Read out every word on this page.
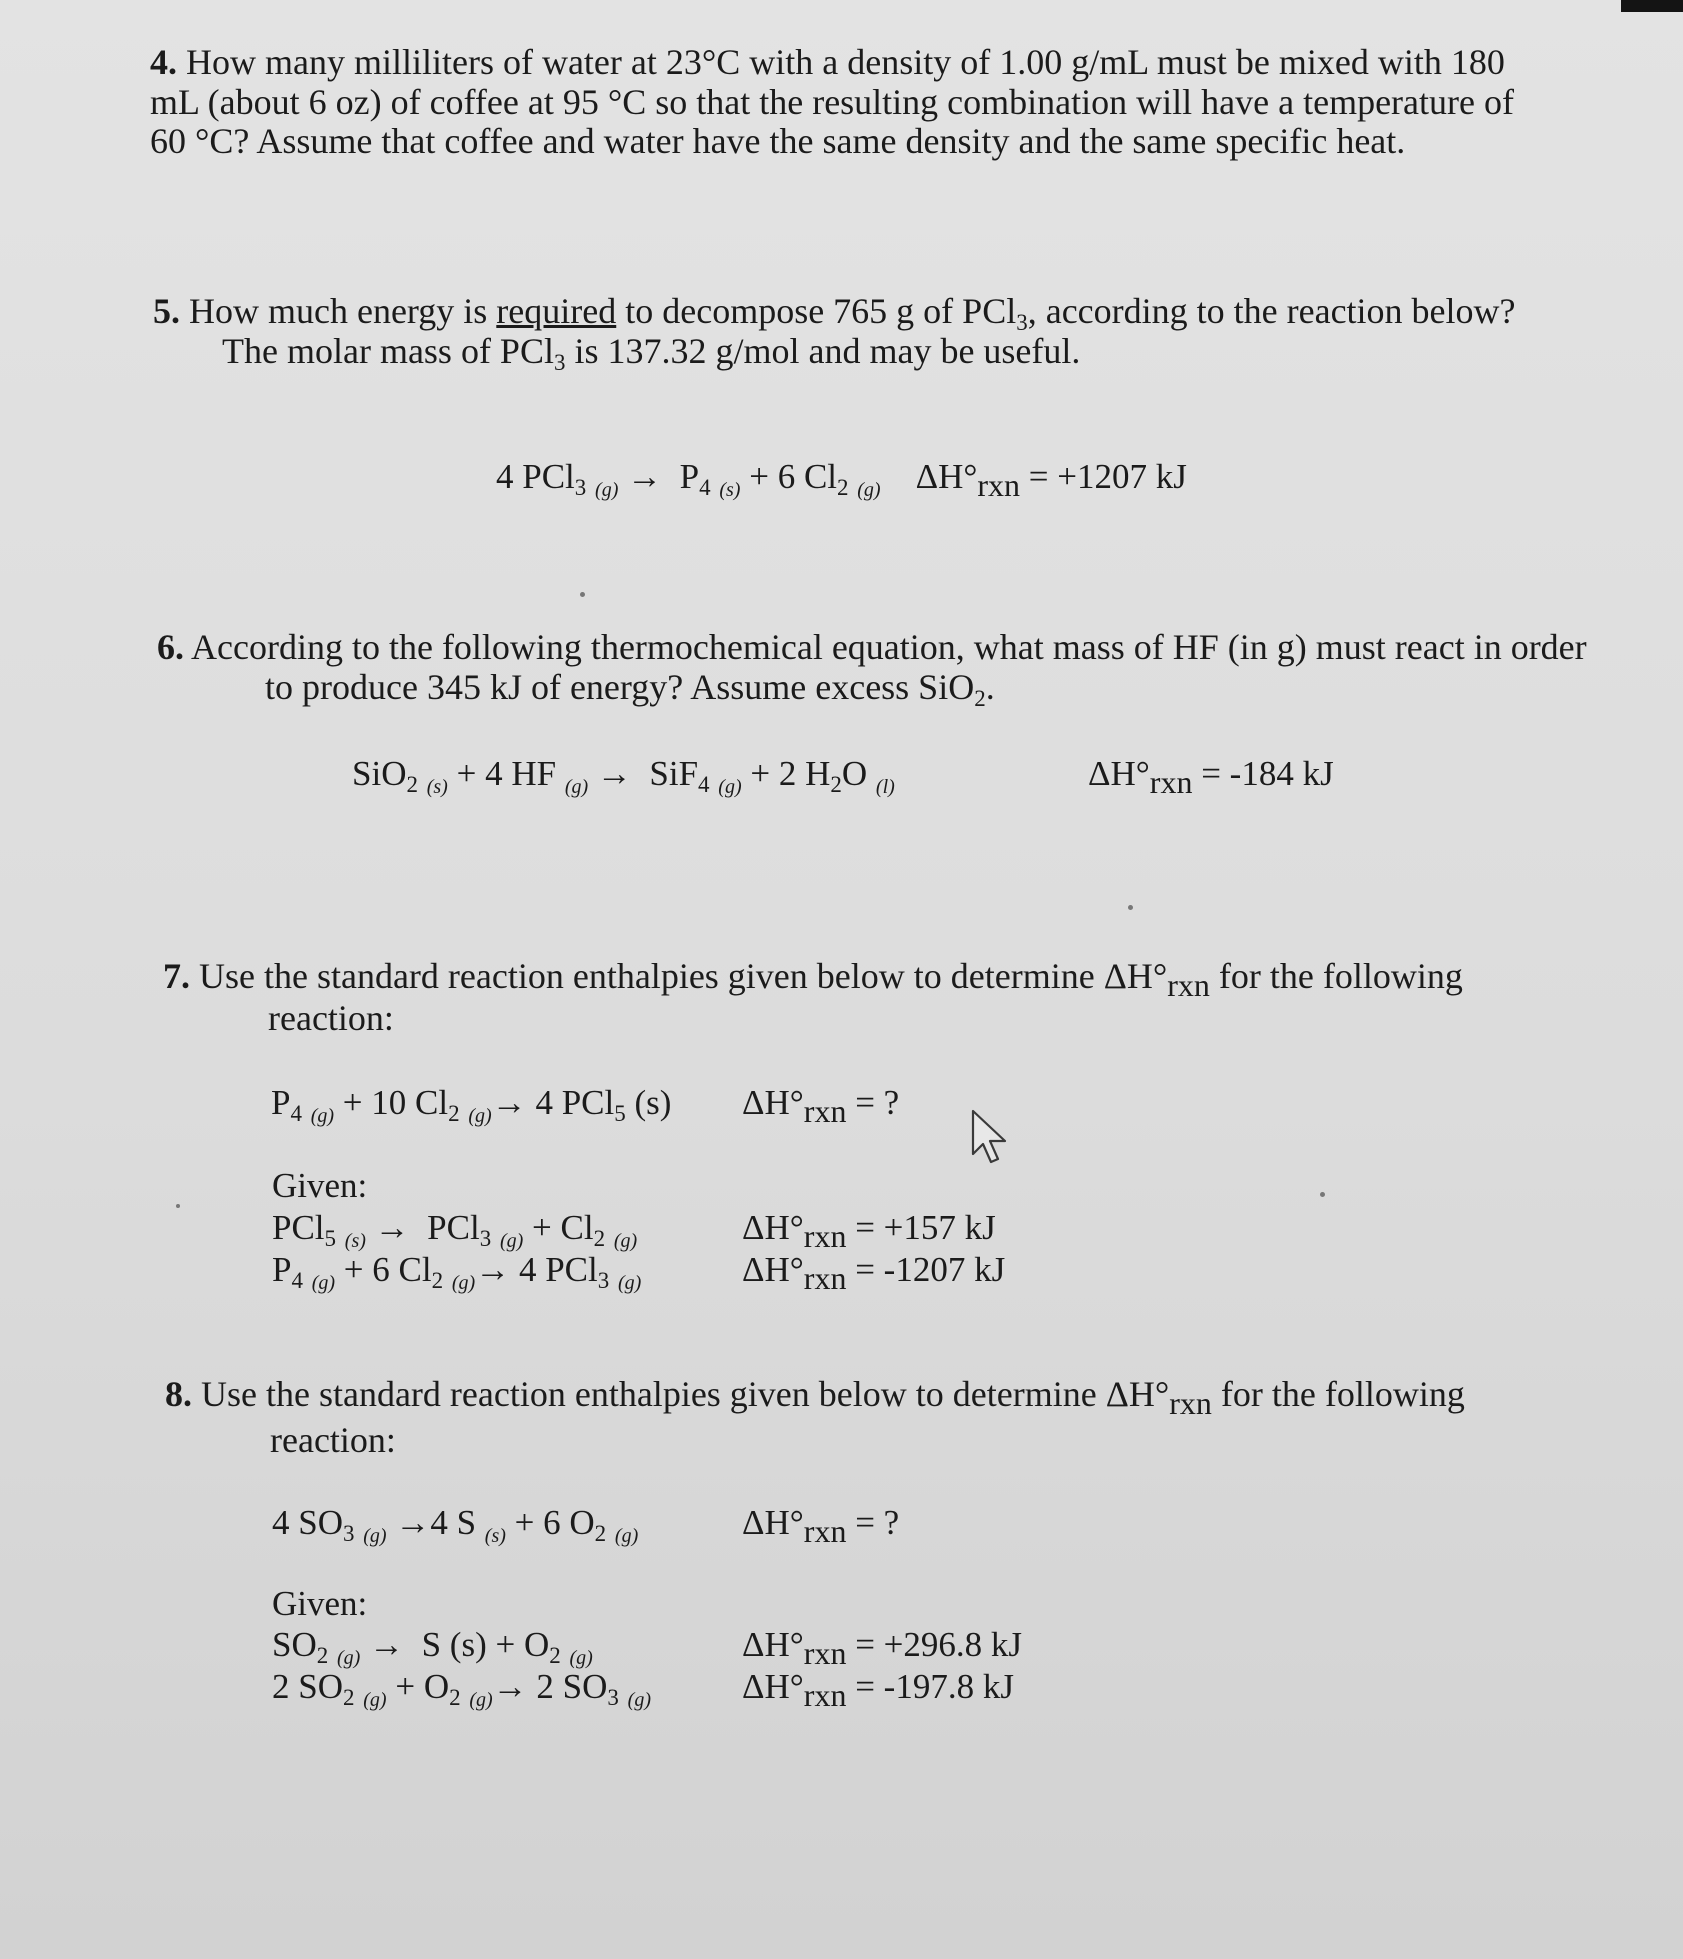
4. How many milliliters of water at 23°C with a density of 1.00 g/mL must be mixed with 180
mL (about 6 oz) of coffee at 95 °C so that the resulting combination will have a temperature of
60 °C? Assume that coffee and water have the same density and the same specific heat.
5. How much energy is required to decompose 765 g of PCl$_3$, according to the reaction below?
The molar mass of PCl$_3$ is 137.32 g/mol and may be useful.
4 PCl$_3$ $_{(g)} \to P_4$ $_{(s)}$ + 6 $Cl_2$ $_{(g)}$ ΔH°rxn = +1207 kJ
6. According to the following thermochemical equation, what mass of HF (in g) must react in order
to produce 345 kJ of energy? Assume excess SiO$_2$.
SiO$_2$ $_{(s)}$ + 4 HF $_{(g)}$ → SiF$_4$ $_{(g)}$ + 2 $H_2O$ $_{(l)}$	ΔH°rxn = -184 kJ
7. Use the standard reaction enthalpies given below to determine ΔH°rxn for the following
reaction:
$P_4$ $_{(g)}$ + 10 $Cl_2$ $_{(g)}$→ 4 PCl$_5$ (s) ΔH°rxn = ?
Given:
PCl$_5$ $_{(s)}$ → PCl$_3$ $_{(g)} + Cl_2$ $_{(g)}$	ΔH°rxn = +157 kJ
$P_4$ $_{(g)}$ + 6 $Cl_2$ $_{(g)}$→ 4 PCl$_3$ $_{(g)}$	ΔH°rxn = -1207 kJ
8. Use the standard reaction enthalpies given below to determine ΔH°rxn for the following
reaction:
4 $SO_3$ $_{(g)}$ →4 S $_{(s)}$ + 6 $O_2$ $_{(g)}$	ΔH°rxn = ?
Given:
$SO_2$ $_{(g)}$ → S $(s) + O_2$ $_{(g)}$	ΔH°rxn = +296.8 kJ
2 $SO_2$ $_{(g)} + O_2$ $_{(g)}$→ 2 $SO_3$ $_{(g)}$	ΔH°rxn = -197.8 kJ
